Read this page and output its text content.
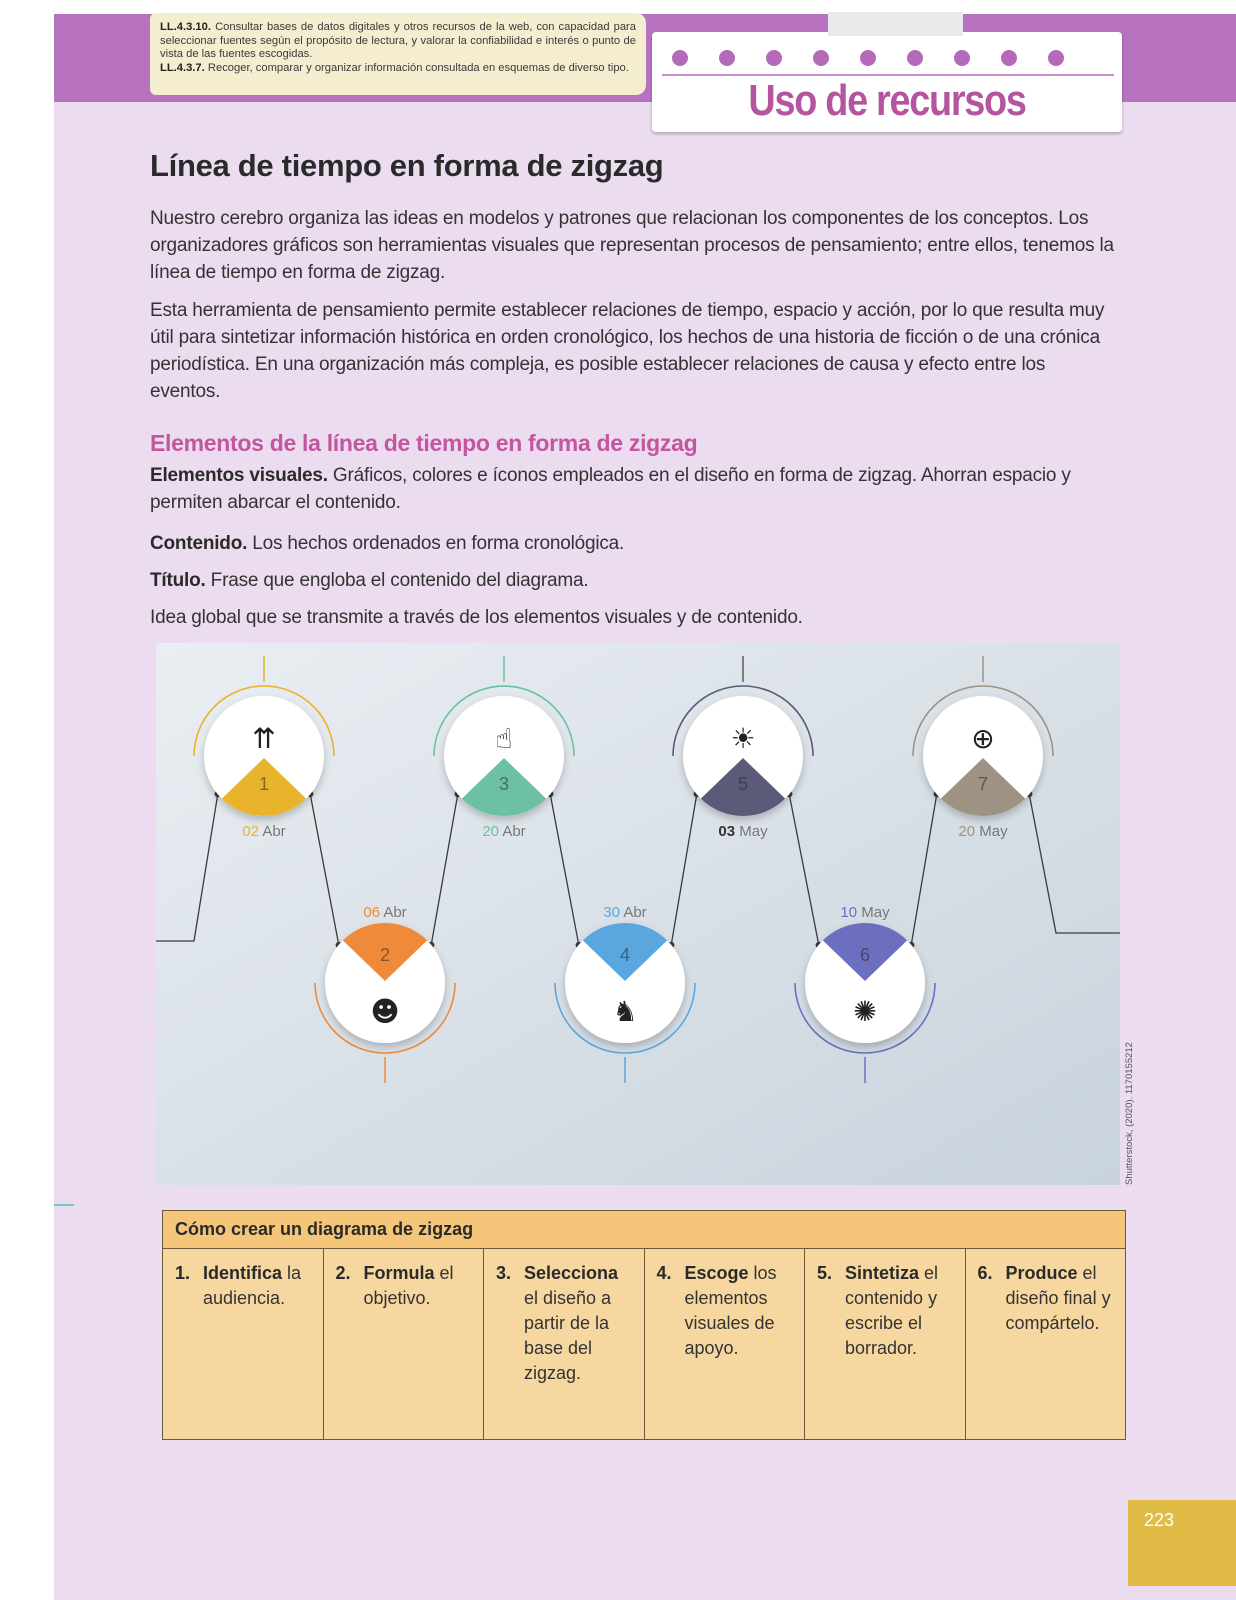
LL.4.3.10. Consultar bases de datos digitales y otros recursos de la web, con capacidad para seleccionar fuentes según el propósito de lectura, y valorar la confiabilidad e interés o punto de vista de las fuentes escogidas.
LL.4.3.7. Recoger, comparar y organizar información consultada en esquemas de diverso tipo.
Uso de recursos
Línea de tiempo en forma de zigzag

Nuestro cerebro organiza las ideas en modelos y patrones que relacionan los componentes de los conceptos. Los organizadores gráficos son herramientas visuales que representan procesos de pensamiento; entre ellos, tenemos la línea de tiempo en forma de zigzag.

Esta herramienta de pensamiento permite establecer relaciones de tiempo, espacio y acción, por lo que resulta muy útil para sintetizar información histórica en orden cronológico, los hechos de una historia de ficción o de una crónica periodística. En una organización más compleja, es posible establecer relaciones de causa y efecto entre los eventos.

Elementos de la línea de tiempo en forma de zigzag

Elementos visuales. Gráficos, colores e íconos empleados en el diseño en forma de zigzag. Ahorran espacio y permiten abarcar el contenido.

Contenido. Los hechos ordenados en forma cronológica.

Título. Frase que engloba el contenido del diagrama.

Idea global que se transmite a través de los elementos visuales y de contenido.

1
⇈
02 Abr
2
☻
06 Abr
3
☝
20 Abr
4
♞
30 Abr
5
☀
03 May
6
✺
10 May
7
⊕
20 May
Shutterstock, (2020). 1170155212
Cómo crear un diagrama de zigzag
1. Identifica la audiencia.
2. Formula el objetivo.
3. Selecciona el diseño a partir de la base del zigzag.
4. Escoge los elementos visuales de apoyo.
5. Sintetiza el contenido y escribe el borrador.
6. Produce el diseño final y compártelo.
223
